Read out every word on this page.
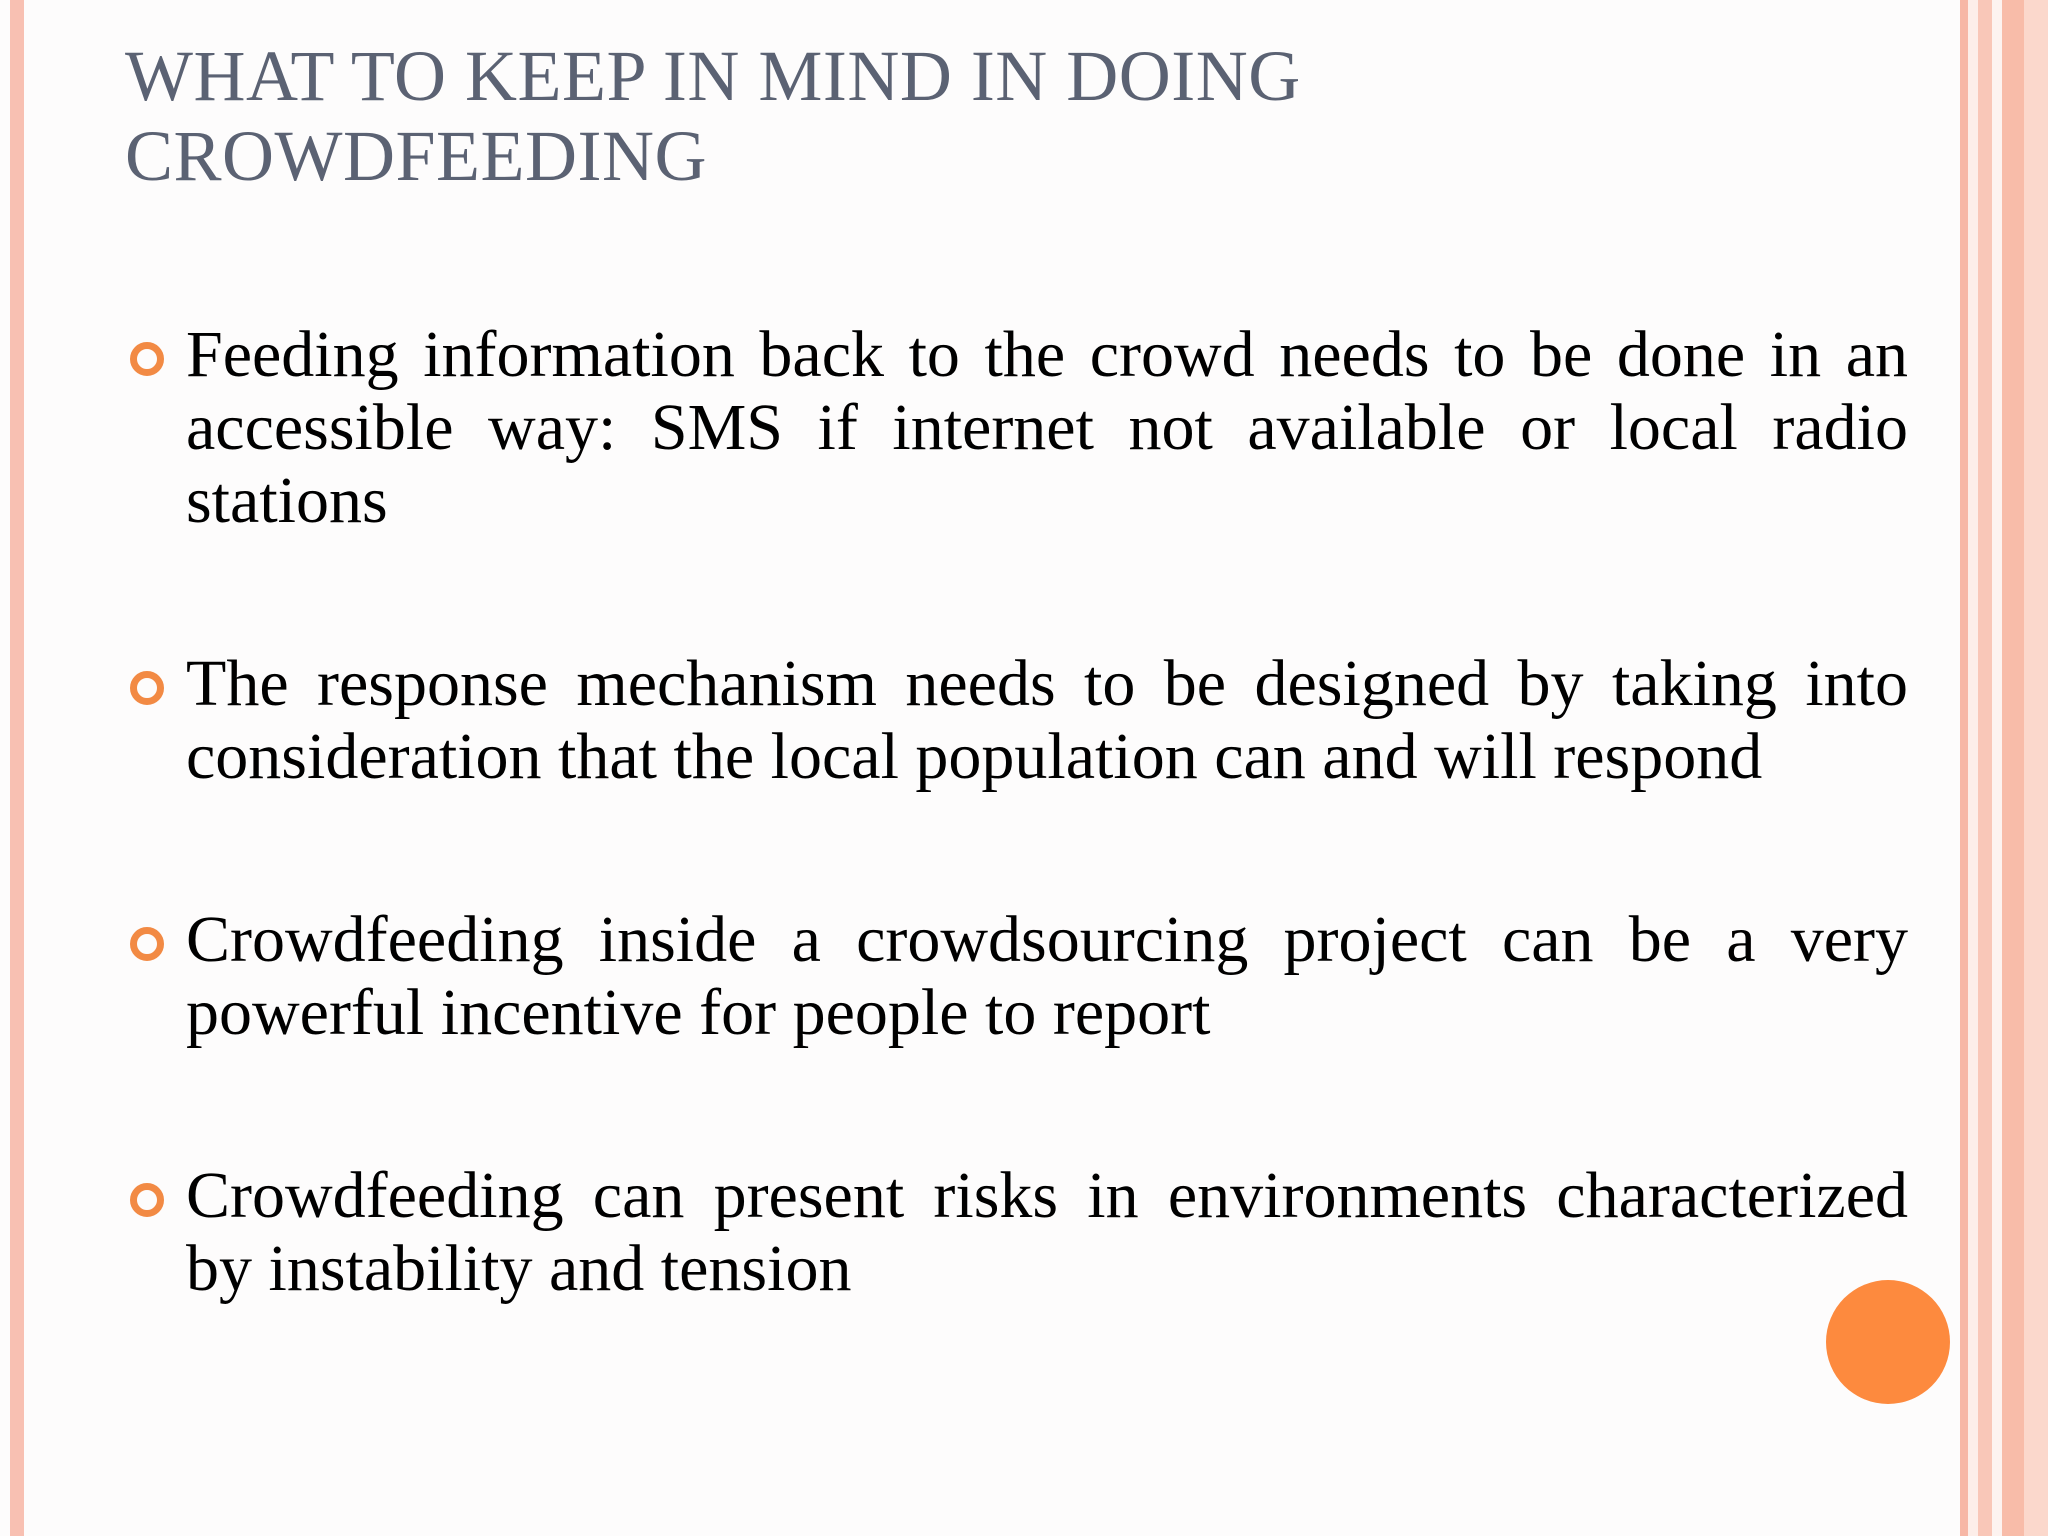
WHAT TO KEEP IN MIND IN DOING CROWDFEEDING
Feeding information back to the crowd needs to be done in an accessible way: SMS if internet not available or local radio stations
The response mechanism needs to be designed by taking into consideration that the local population can and will respond
Crowdfeeding inside a crowdsourcing project can be a very powerful incentive for people to report
Crowdfeeding can present risks in environments characterized by instability and tension
